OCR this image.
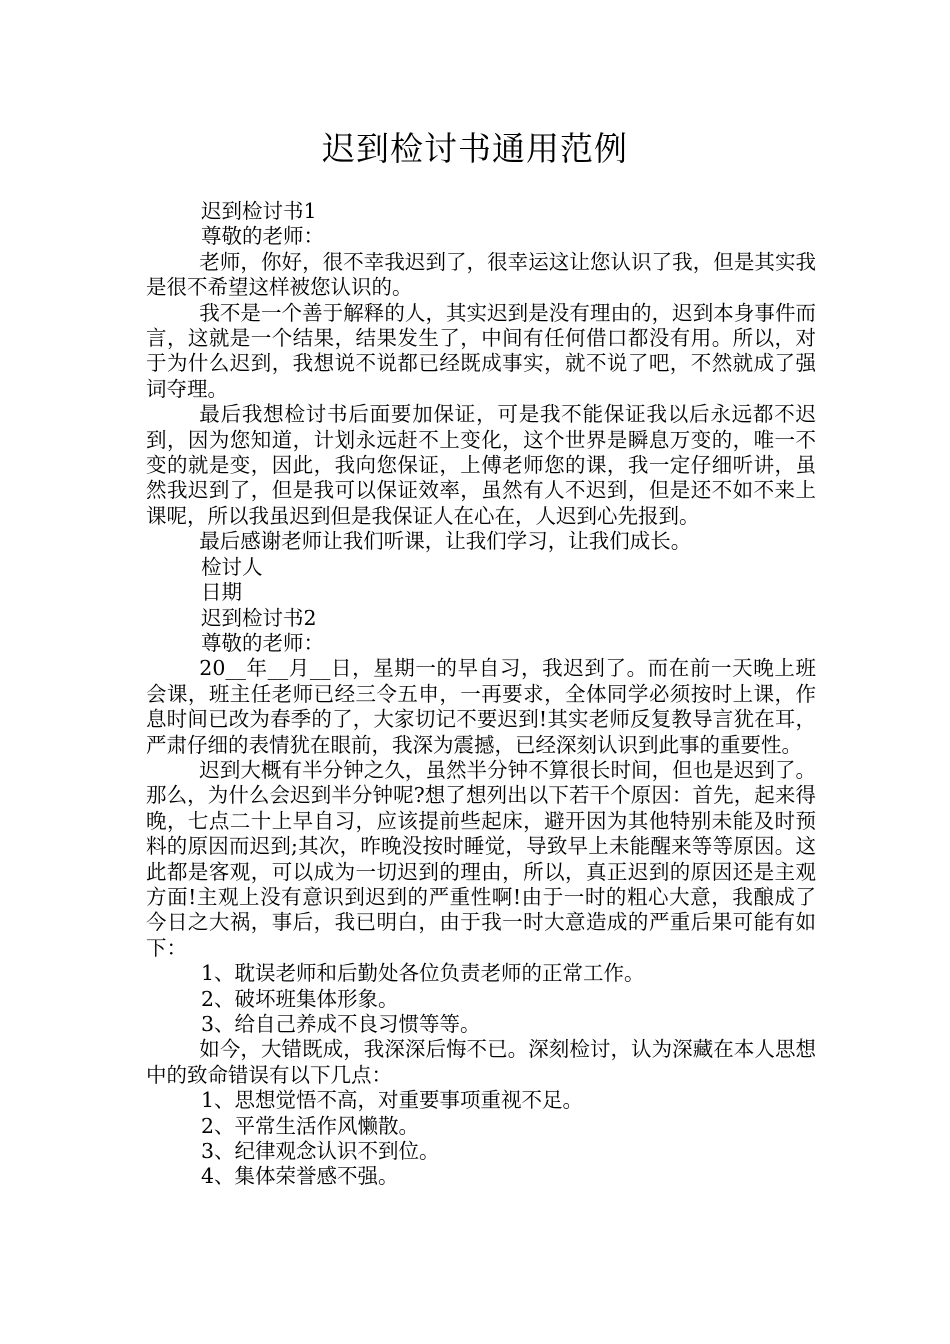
迟到检讨书通用范例

迟到检讨书1

尊敬的老师：

老师，你好，很不幸我迟到了，很幸运这让您认识了我，但是其实我是很不希望这样被您认识的。

我不是一个善于解释的人，其实迟到是没有理由的，迟到本身事件而言，这就是一个结果，结果发生了，中间有任何借口都没有用。所以，对于为什么迟到，我想说不说都已经既成事实，就不说了吧，不然就成了强词夺理。

最后我想检讨书后面要加保证，可是我不能保证我以后永远都不迟到，因为您知道，计划永远赶不上变化，这个世界是瞬息万变的，唯一不变的就是变，因此，我向您保证，上傅老师您的课，我一定仔细听讲，虽然我迟到了，但是我可以保证效率，虽然有人不迟到，但是还不如不来上课呢，所以我虽迟到但是我保证人在心在，人迟到心先报到。

最后感谢老师让我们听课，让我们学习，让我们成长。

检讨人

日期

迟到检讨书2

尊敬的老师：

20__年__月__日，星期一的早自习，我迟到了。而在前一天晚上班会课，班主任老师已经三令五申，一再要求，全体同学必须按时上课，作息时间已改为春季的了，大家切记不要迟到!其实老师反复教导言犹在耳，严肃仔细的表情犹在眼前，我深为震撼，已经深刻认识到此事的重要性。

迟到大概有半分钟之久，虽然半分钟不算很长时间，但也是迟到了。那么，为什么会迟到半分钟呢?想了想列出以下若干个原因：首先，起来得晚，七点二十上早自习，应该提前些起床，避开因为其他特别未能及时预料的原因而迟到;其次，昨晚没按时睡觉，导致早上未能醒来等等原因。这此都是客观，可以成为一切迟到的理由，所以，真正迟到的原因还是主观方面!主观上没有意识到迟到的严重性啊!由于一时的粗心大意，我酿成了今日之大祸，事后，我已明白，由于我一时大意造成的严重后果可能有如下：

1、耽误老师和后勤处各位负责老师的正常工作。

2、破坏班集体形象。

3、给自己养成不良习惯等等。

如今，大错既成，我深深后悔不已。深刻检讨，认为深藏在本人思想中的致命错误有以下几点：

1、思想觉悟不高，对重要事项重视不足。

2、平常生活作风懒散。

3、纪律观念认识不到位。

4、集体荣誉感不强。
